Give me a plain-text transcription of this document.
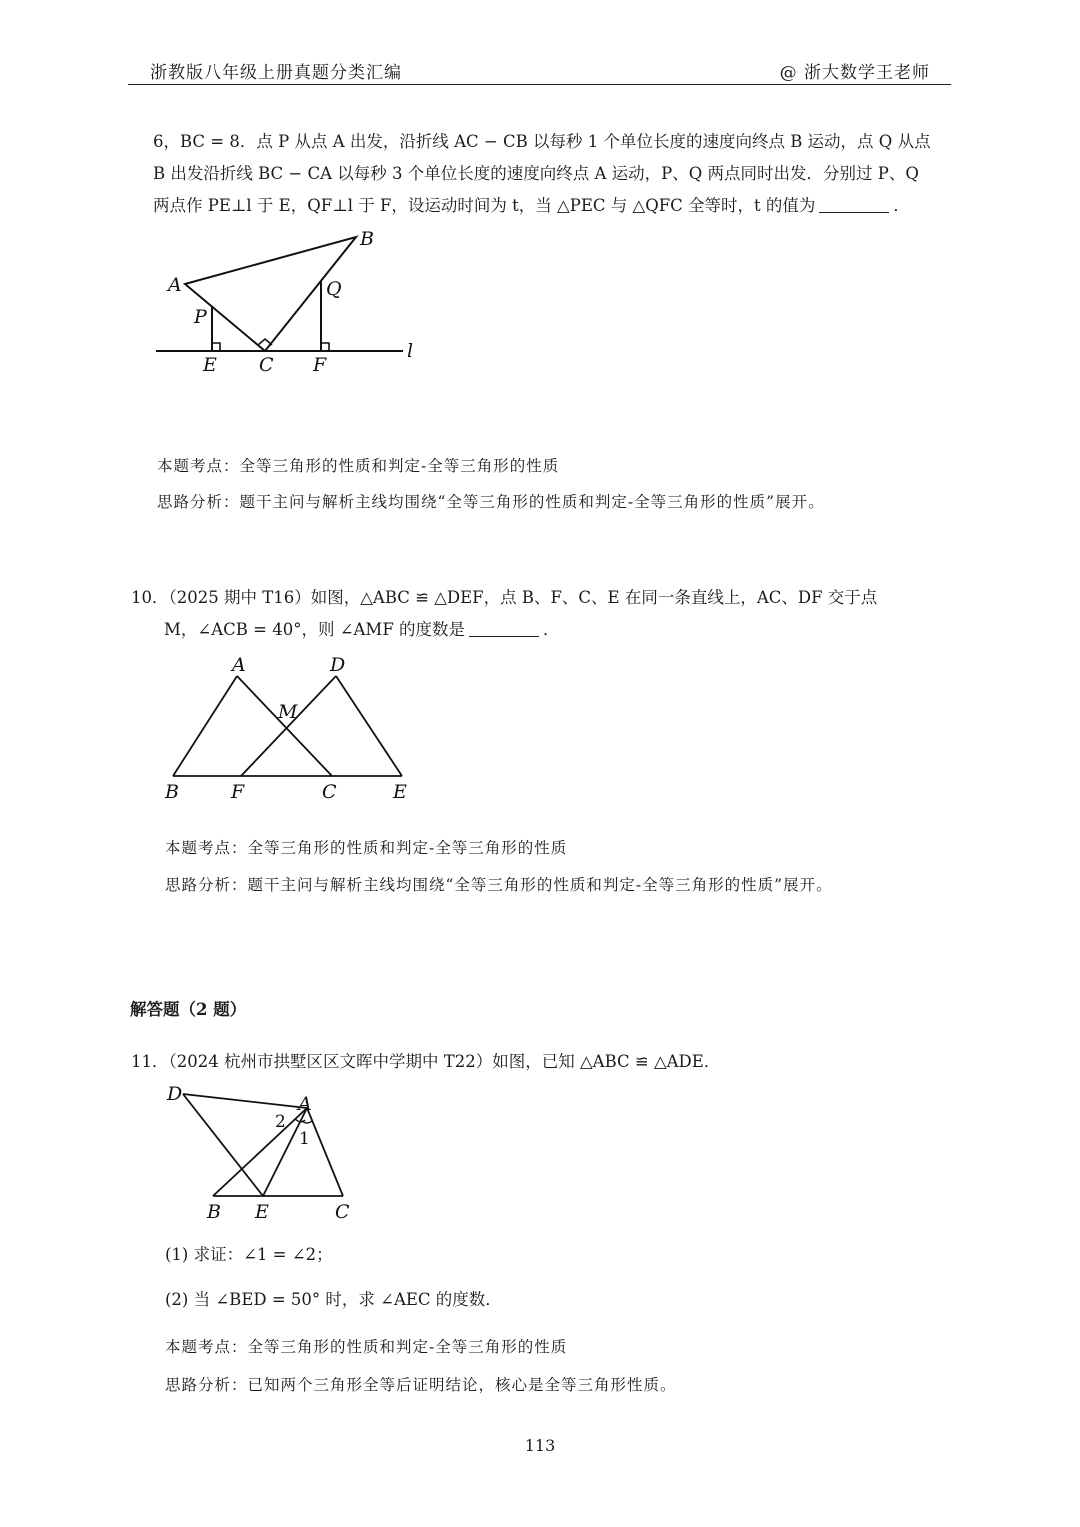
浙教版八年级上册真题分类汇编	@ 浙大数学王老师
6，BC = 8．点 P 从点 A 出发，沿折线 AC − CB 以每秒 1 个单位长度的速度向终点 B 运动，点 Q 从点
B 出发沿折线 BC − CA 以每秒 3 个单位长度的速度向终点 A 运动，P、Q 两点同时出发．分别过 P、Q
两点作 PE⊥l 于 E，QF⊥l 于 F，设运动时间为 t，当 △PEC 与 △QFC 全等时，t 的值为	．
A
B
P
Q
E C F
l
本题考点：全等三角形的性质和判定-全等三角形的性质
思路分析：题干主问与解析主线均围绕“全等三角形的性质和判定-全等三角形的性质”展开。
10．（2025 期中 T16）如图，△ABC ≌ △DEF，点 B、F、C、E 在同一条直线上，AC、DF 交于点
M，∠ACB = 40°，则 ∠AMF 的度数是	．
A	D
M
B	F	C	E
本题考点：全等三角形的性质和判定-全等三角形的性质
思路分析：题干主问与解析主线均围绕“全等三角形的性质和判定-全等三角形的性质”展开。
解答题（2 题）
11．（2024 杭州市拱墅区区文晖中学期中 T22）如图，已知 △ABC ≌ △ADE．
D	A
2
1
B E	C
(1) 求证：∠1 = ∠2；
(2) 当 ∠BED = 50° 时，求 ∠AEC 的度数．
本题考点：全等三角形的性质和判定-全等三角形的性质
思路分析：已知两个三角形全等后证明结论，核心是全等三角形性质。
113
